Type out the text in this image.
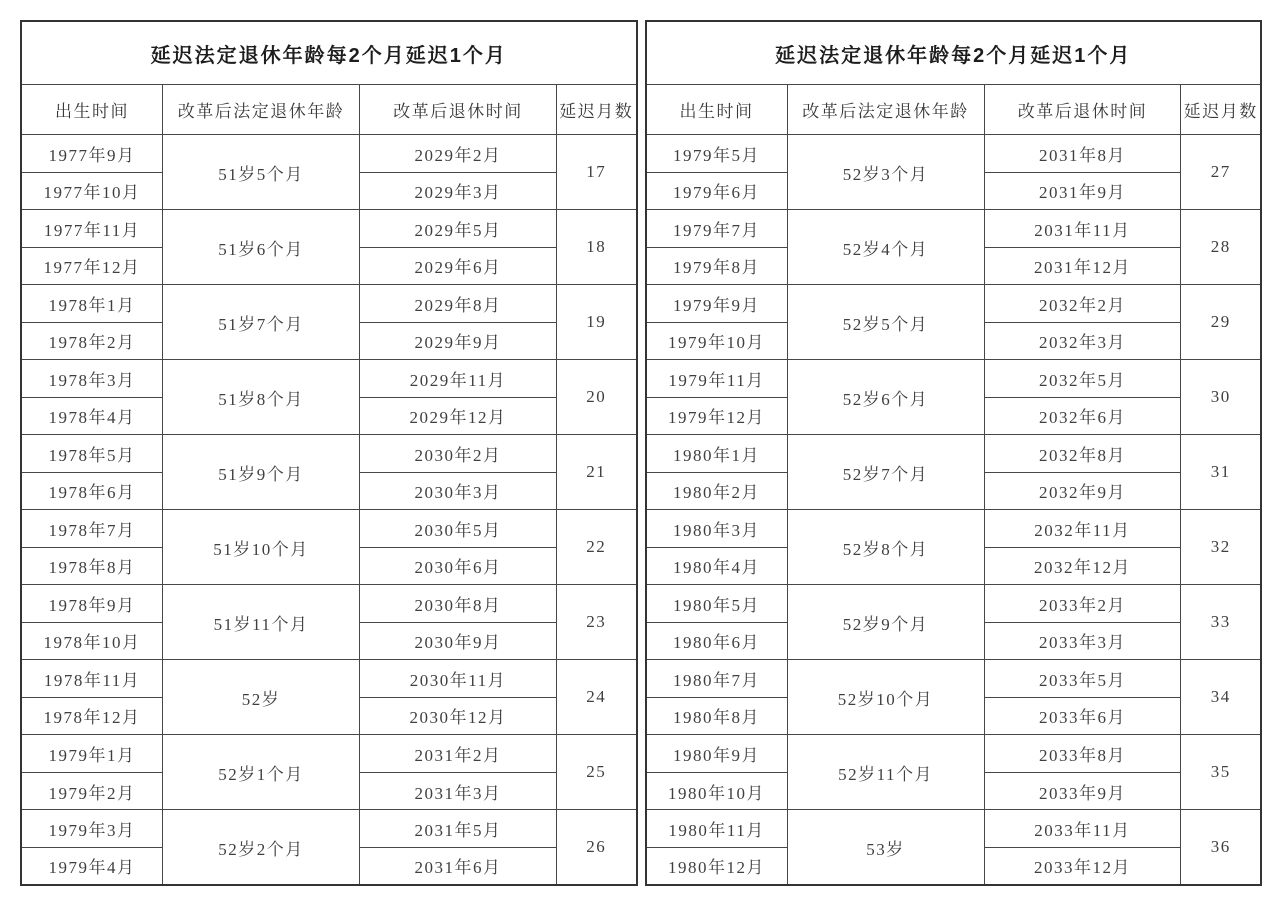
延迟法定退休年龄每2个月延迟1个月			
出生时间	改革后法定退休年龄	改革后退休时间	延迟月数
1977年9月	51岁5个月	2029年2月	17
1977年10月		2029年3月	
1977年11月	51岁6个月	2029年5月	18
1977年12月		2029年6月	
1978年1月	51岁7个月	2029年8月	19
1978年2月		2029年9月	
1978年3月	51岁8个月	2029年11月	20
1978年4月		2029年12月	
1978年5月	51岁9个月	2030年2月	21
1978年6月		2030年3月	
1978年7月	51岁10个月	2030年5月	22
1978年8月		2030年6月	
1978年9月	51岁11个月	2030年8月	23
1978年10月		2030年9月	
1978年11月	52岁	2030年11月	24
1978年12月		2030年12月	
1979年1月	52岁1个月	2031年2月	25
1979年2月		2031年3月	
1979年3月	52岁2个月	2031年5月	26
1979年4月		2031年6月	
延迟法定退休年龄每2个月延迟1个月			
出生时间	改革后法定退休年龄	改革后退休时间	延迟月数
1979年5月	52岁3个月	2031年8月	27
1979年6月		2031年9月	
1979年7月	52岁4个月	2031年11月	28
1979年8月		2031年12月	
1979年9月	52岁5个月	2032年2月	29
1979年10月		2032年3月	
1979年11月	52岁6个月	2032年5月	30
1979年12月		2032年6月	
1980年1月	52岁7个月	2032年8月	31
1980年2月		2032年9月	
1980年3月	52岁8个月	2032年11月	32
1980年4月		2032年12月	
1980年5月	52岁9个月	2033年2月	33
1980年6月		2033年3月	
1980年7月	52岁10个月	2033年5月	34
1980年8月		2033年6月	
1980年9月	52岁11个月	2033年8月	35
1980年10月		2033年9月	
1980年11月	53岁	2033年11月	36
1980年12月		2033年12月	
